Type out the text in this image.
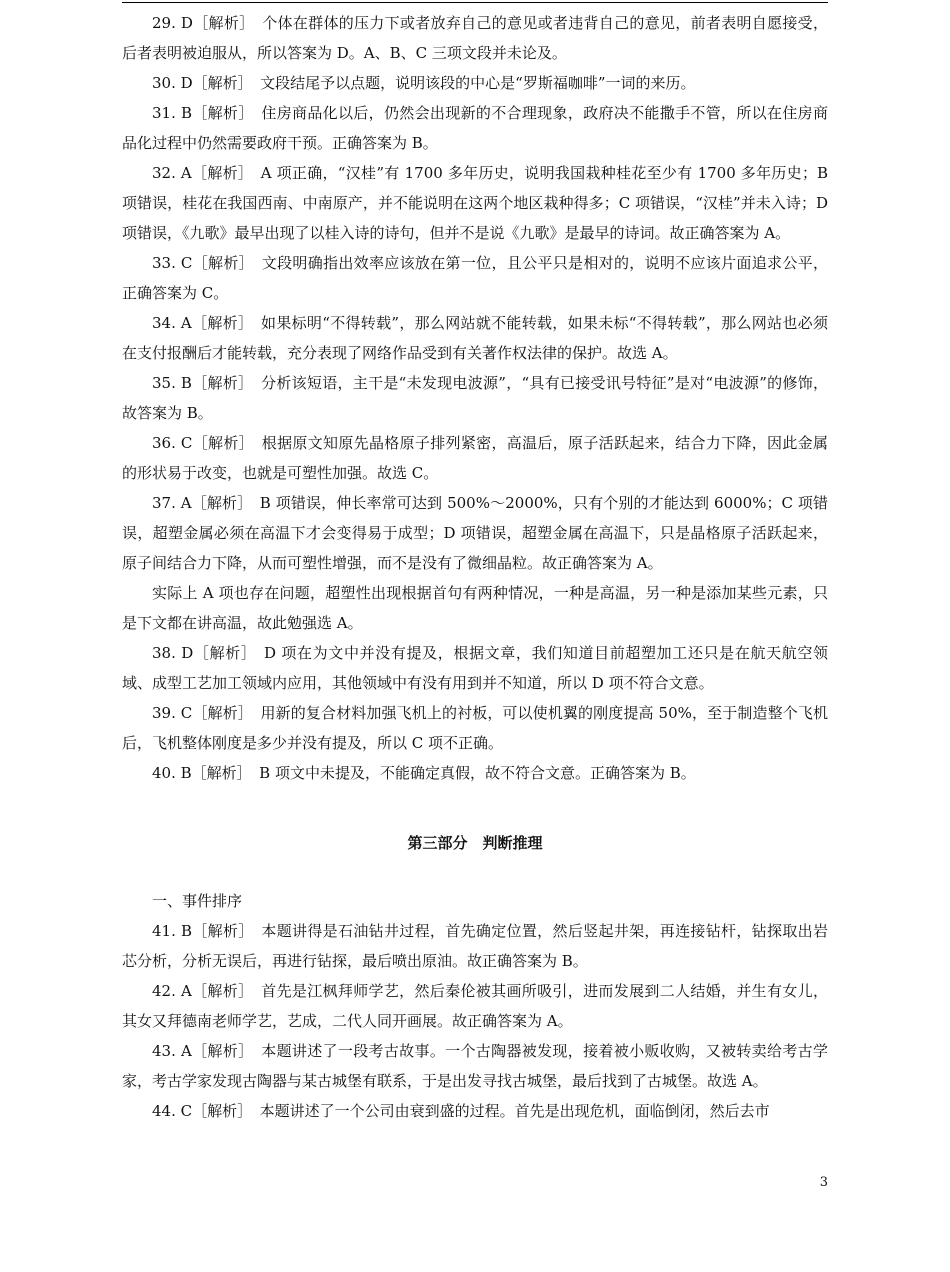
29. D［解析］  个体在群体的压力下或者放弃自己的意见或者违背自己的意见，前者表明自愿接受，后者表明被迫服从，所以答案为 D。A、B、C 三项文段并未论及。

30. D［解析］  文段结尾予以点题，说明该段的中心是“罗斯福咖啡”一词的来历。

31. B［解析］  住房商品化以后，仍然会出现新的不合理现象，政府决不能撒手不管，所以在住房商品化过程中仍然需要政府干预。正确答案为 B。

32. A［解析］  A 项正确，“汉桂”有 1700 多年历史，说明我国栽种桂花至少有 1700 多年历史；B 项错误，桂花在我国西南、中南原产，并不能说明在这两个地区栽种得多；C 项错误，“汉桂”并未入诗；D 项错误，《九歌》最早出现了以桂入诗的诗句，但并不是说《九歌》是最早的诗词。故正确答案为 A。

33. C［解析］  文段明确指出效率应该放在第一位，且公平只是相对的，说明不应该片面追求公平，正确答案为 C。

34. A［解析］  如果标明“不得转载”，那么网站就不能转载，如果未标“不得转载”，那么网站也必须在支付报酬后才能转载，充分表现了网络作品受到有关著作权法律的保护。故选 A。

35. B［解析］  分析该短语，主干是“未发现电波源”，“具有已接受讯号特征”是对“电波源”的修饰，故答案为 B。

36. C［解析］  根据原文知原先晶格原子排列紧密，高温后，原子活跃起来，结合力下降，因此金属的形状易于改变，也就是可塑性加强。故选 C。

37. A［解析］  B 项错误，伸长率常可达到 500%～2000%，只有个别的才能达到 6000%；C 项错误，超塑金属必须在高温下才会变得易于成型；D 项错误，超塑金属在高温下，只是晶格原子活跃起来，原子间结合力下降，从而可塑性增强，而不是没有了微细晶粒。故正确答案为 A。

实际上 A 项也存在问题，超塑性出现根据首句有两种情况，一种是高温，另一种是添加某些元素，只是下文都在讲高温，故此勉强选 A。

38. D［解析］  D 项在为文中并没有提及，根据文章，我们知道目前超塑加工还只是在航天航空领域、成型工艺加工领域内应用，其他领域中有没有用到并不知道，所以 D 项不符合文意。

39. C［解析］  用新的复合材料加强飞机上的衬板，可以使机翼的刚度提高 50%，至于制造整个飞机后，飞机整体刚度是多少并没有提及，所以 C 项不正确。

40. B［解析］  B 项文中未提及，不能确定真假，故不符合文意。正确答案为 B。

第三部分　判断推理
一、事件排序

41. B［解析］  本题讲得是石油钻井过程，首先确定位置，然后竖起井架，再连接钻杆，钻探取出岩芯分析，分析无误后，再进行钻探，最后喷出原油。故正确答案为 B。

42. A［解析］  首先是江枫拜师学艺，然后秦伦被其画所吸引，进而发展到二人结婚，并生有女儿，其女又拜德南老师学艺，艺成，二代人同开画展。故正确答案为 A。

43. A［解析］  本题讲述了一段考古故事。一个古陶器被发现，接着被小贩收购，又被转卖给考古学家，考古学家发现古陶器与某古城堡有联系，于是出发寻找古城堡，最后找到了古城堡。故选 A。

44. C［解析］  本题讲述了一个公司由衰到盛的过程。首先是出现危机，面临倒闭，然后去市

3
